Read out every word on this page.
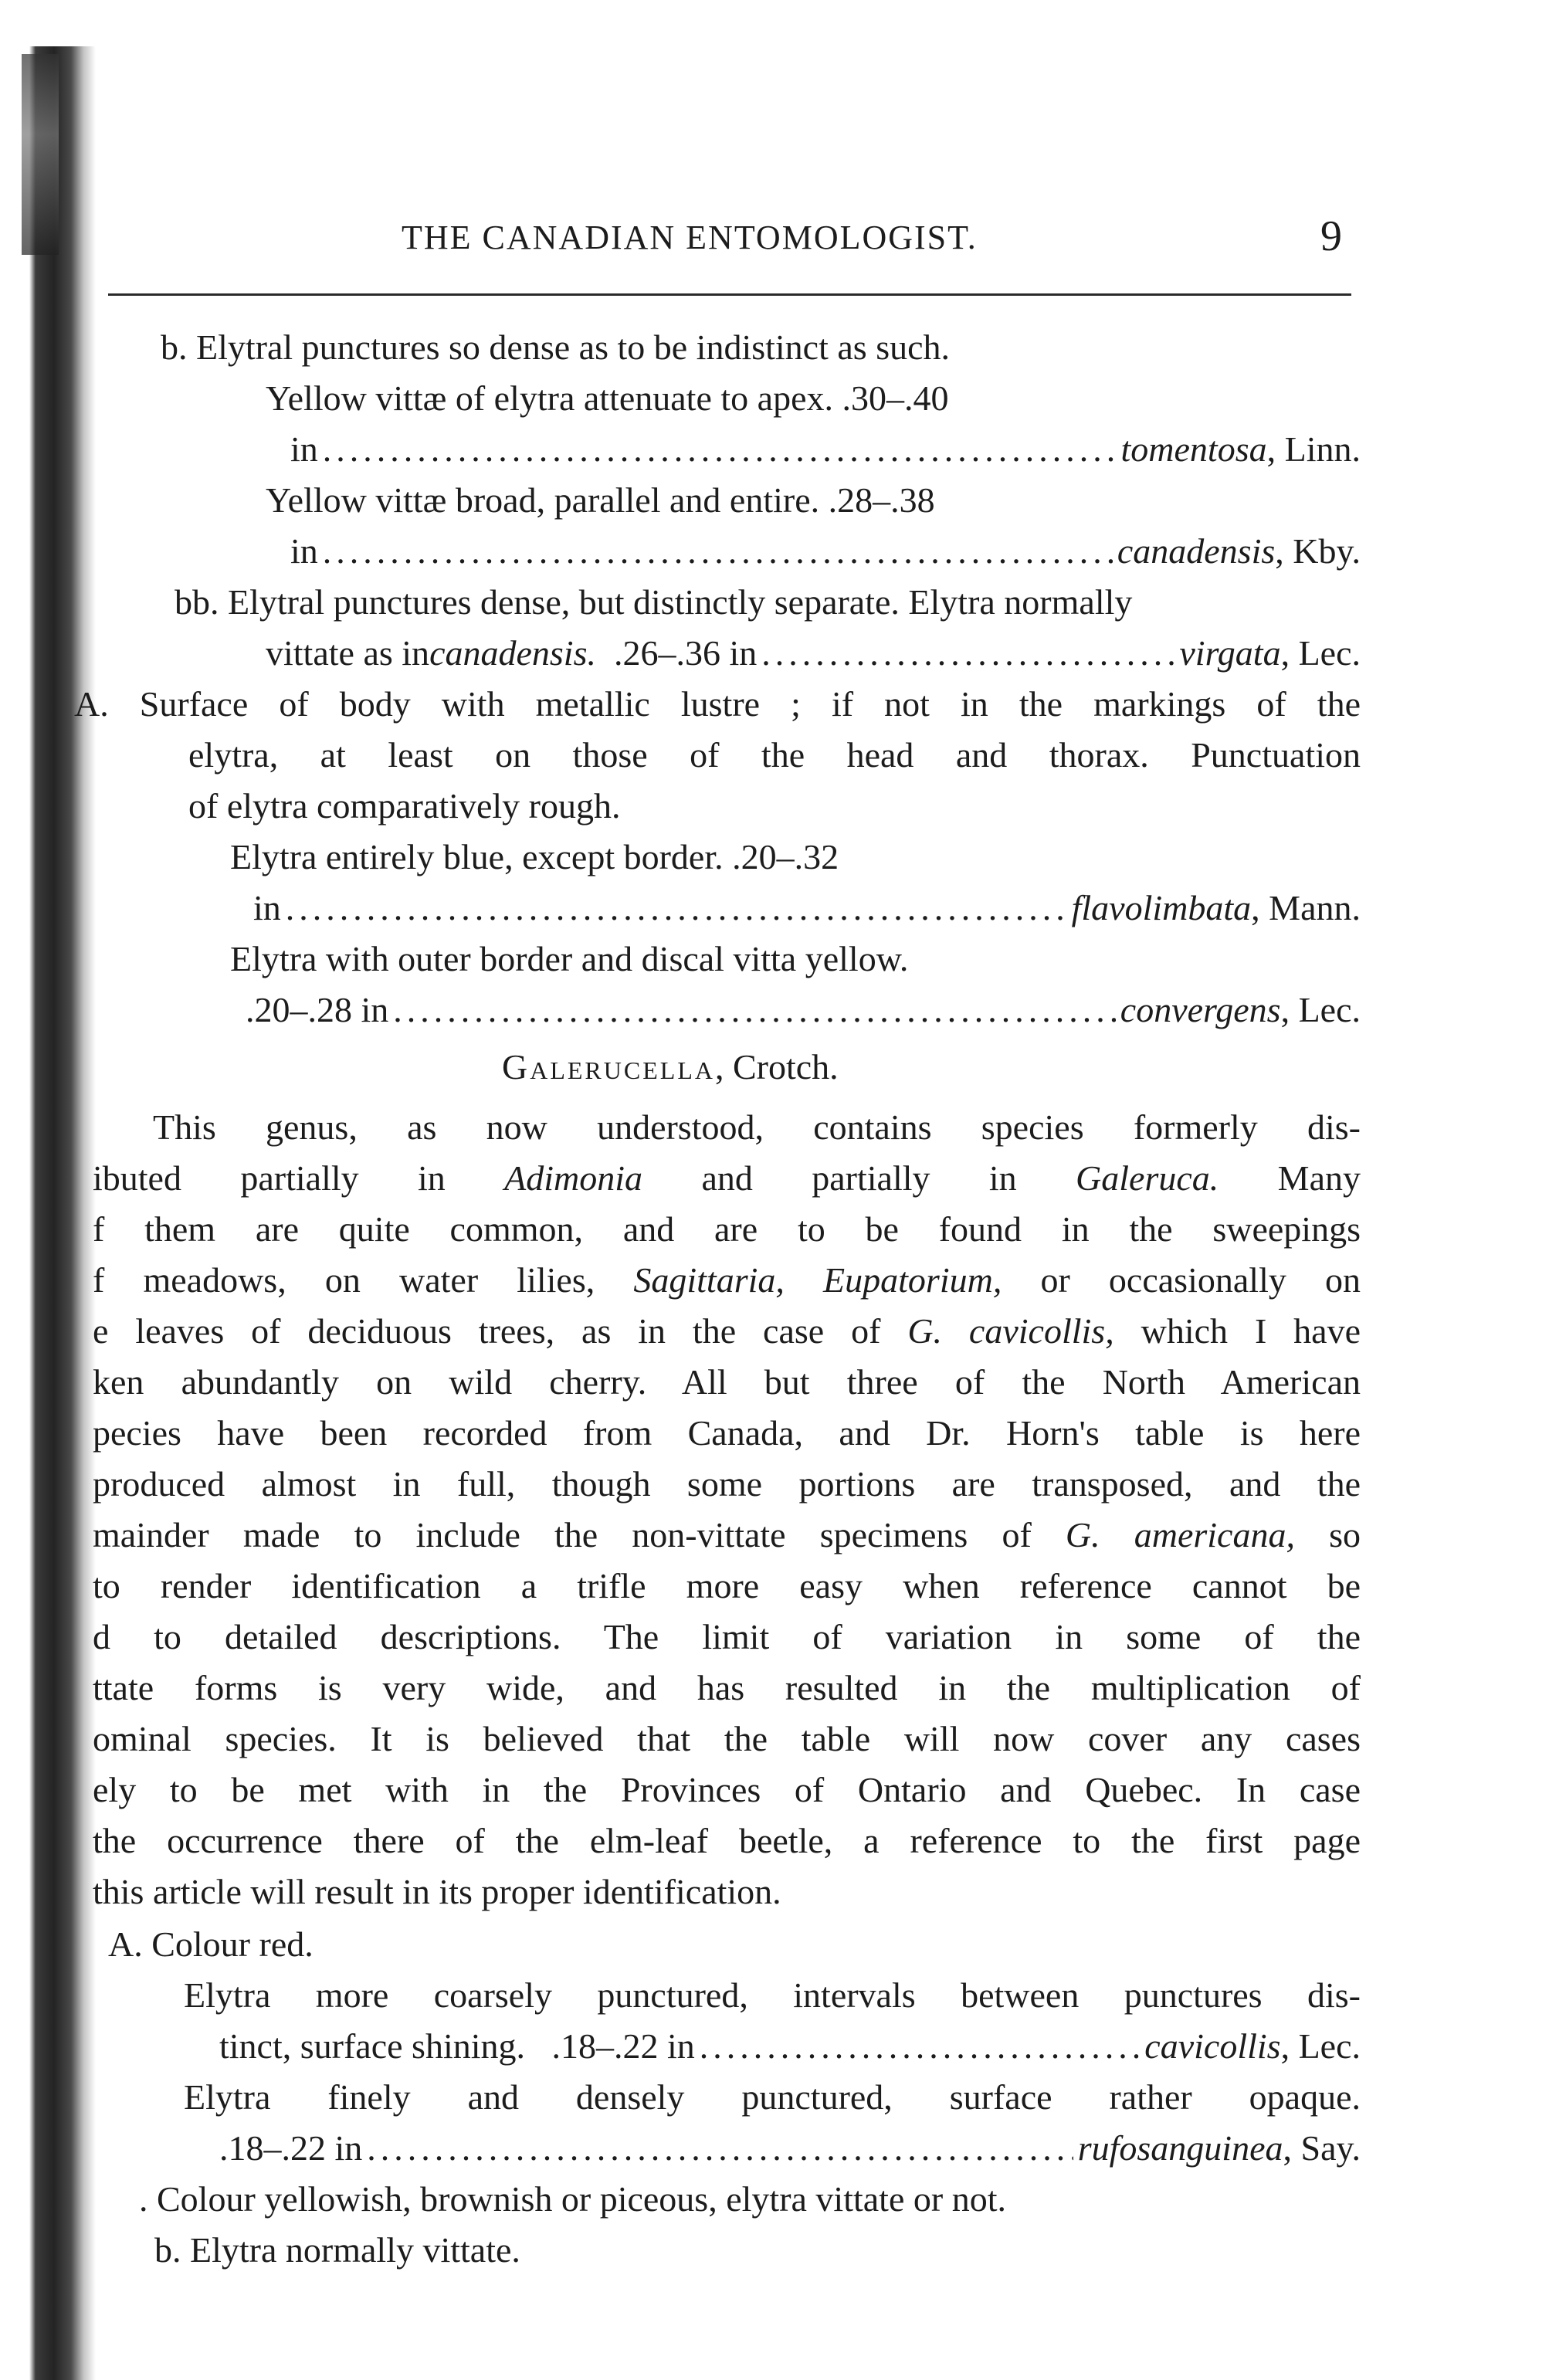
THE CANADIAN ENTOMOLOGIST.	9
b. Elytral punctures so dense as to be indistinct as such.
Yellow vittæ of elytra attenuate to apex. .30–.40
in .....	tomentosa , Linn.
Yellow vittæ broad, parallel and entire. .28–.38
in .....	canadensis , Kby.
bb. Elytral punctures dense, but distinctly separate. Elytra normally
vittate as in canadensis. .26–.36 in .....	virgata , Lec.
A. Surface of body with metallic lustre ; if not in the markings of the
elytra, at least on those of the head and thorax. Punctuation
of elytra comparatively rough.
Elytra entirely blue, except border. .20–.32
in .....	flavolimbata , Mann.
Elytra with outer border and discal vitta yellow.
.20–.28 in .....	convergens , Lec.
Galerucella, Crotch.
This genus, as now understood, contains species formerly dis-
ibuted partially in Adimonia and partially in Galeruca. Many
f them are quite common, and are to be found in the sweepings
f meadows, on water lilies, Sagittaria, Eupatorium, or occasionally on
e leaves of deciduous trees, as in the case of G. cavicollis, which I have
ken abundantly on wild cherry. All but three of the North American
pecies have been recorded from Canada, and Dr. Horn's table is here
produced almost in full, though some portions are transposed, and the
mainder made to include the non-vittate specimens of G. americana, so
to render identification a trifle more easy when reference cannot be
d to detailed descriptions. The limit of variation in some of the
ttate forms is very wide, and has resulted in the multiplication of
ominal species. It is believed that the table will now cover any cases
ely to be met with in the Provinces of Ontario and Quebec. In case
the occurrence there of the elm-leaf beetle, a reference to the first page
this article will result in its proper identification.
A. Colour red.
Elytra more coarsely punctured, intervals between punctures dis-
tinct, surface shining.   .18–.22 in .....	cavicollis , Lec.
Elytra finely and densely punctured, surface rather opaque.
.18–.22 in .....	rufosanguinea , Say.
. Colour yellowish, brownish or piceous, elytra vittate or not.
b. Elytra normally vittate.
